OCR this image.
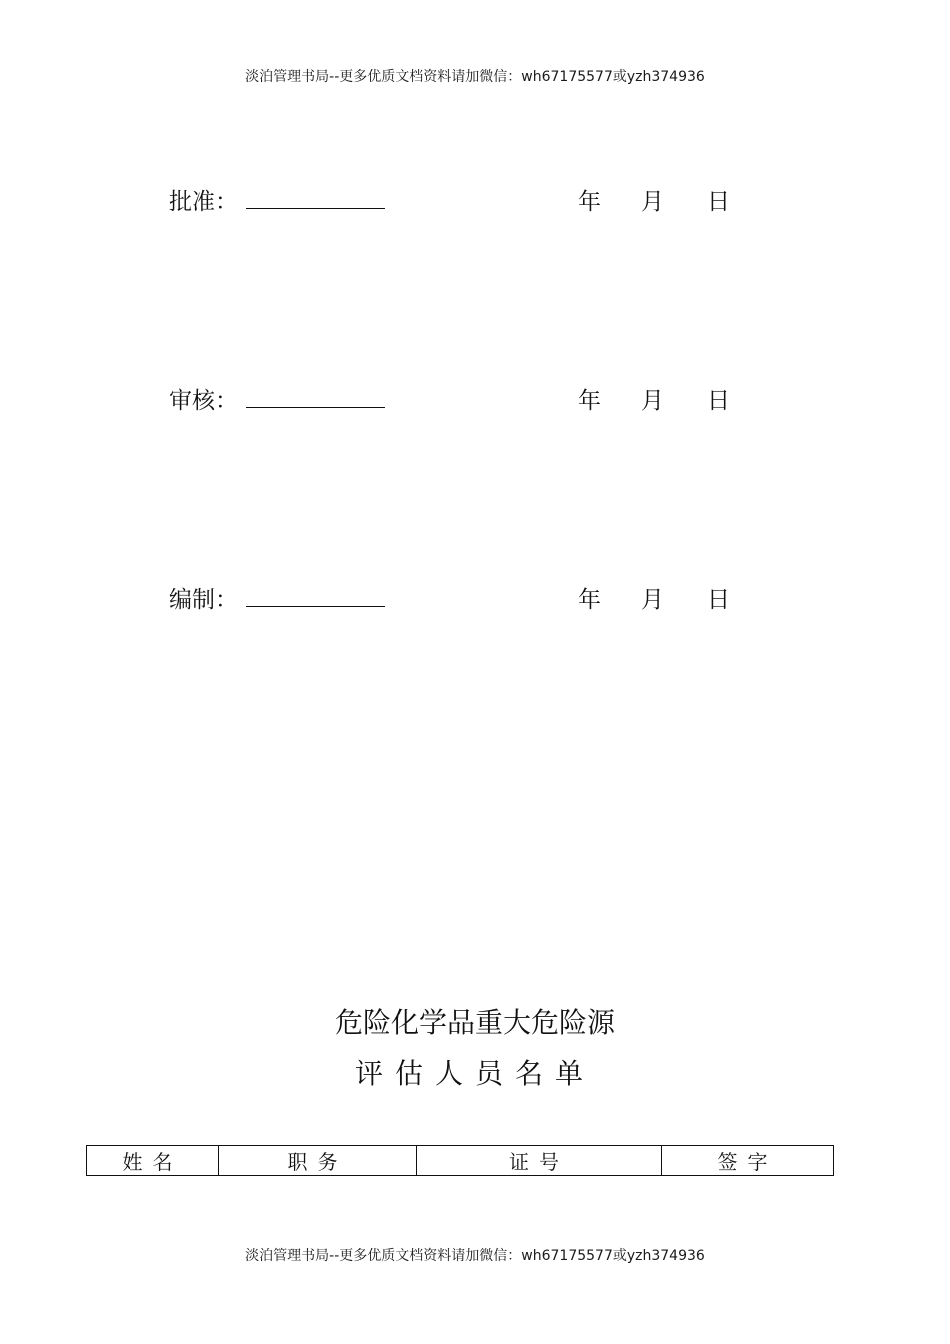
淡泊管理书局--更多优质文档资料请加微信：wh67175577或yzh374936
批准：	年 月 日
审核：	年 月 日
编制：	年 月 日
危险化学品重大危险源
评估人员名单
姓名	职务	证号	签字
淡泊管理书局--更多优质文档资料请加微信：wh67175577或yzh374936
